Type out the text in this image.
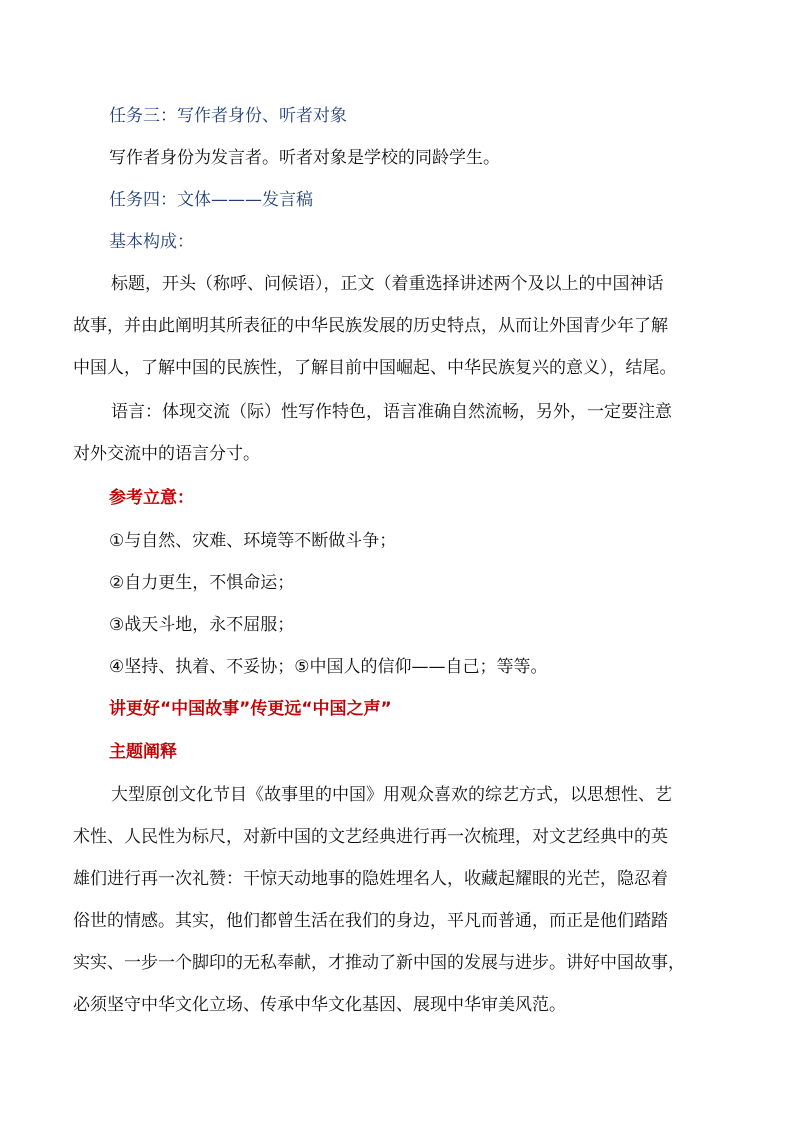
任务三：写作者身份、听者对象
写作者身份为发言者。听者对象是学校的同龄学生。
任务四：文体———发言稿
基本构成：
标题，开头（称呼、问候语），正文（着重选择讲述两个及以上的中国神话
故事，并由此阐明其所表征的中华民族发展的历史特点，从而让外国青少年了解
中国人，了解中国的民族性，了解目前中国崛起、中华民族复兴的意义），结尾。
语言：体现交流（际）性写作特色，语言准确自然流畅，另外，一定要注意
对外交流中的语言分寸。
参考立意：
①与自然、灾难、环境等不断做斗争；
②自力更生，不惧命运；
③战天斗地，永不屈服；
④坚持、执着、不妥协；⑤中国人的信仰——自己；等等。
讲更好“中国故事”传更远“中国之声”
主题阐释
大型原创文化节目《故事里的中国》用观众喜欢的综艺方式，以思想性、艺
术性、人民性为标尺，对新中国的文艺经典进行再一次梳理，对文艺经典中的英
雄们进行再一次礼赞：干惊天动地事的隐姓埋名人，收藏起耀眼的光芒，隐忍着
俗世的情感。其实，他们都曾生活在我们的身边，平凡而普通，而正是他们踏踏
实实、一步一个脚印的无私奉献，才推动了新中国的发展与进步。讲好中国故事，
必须坚守中华文化立场、传承中华文化基因、展现中华审美风范。
